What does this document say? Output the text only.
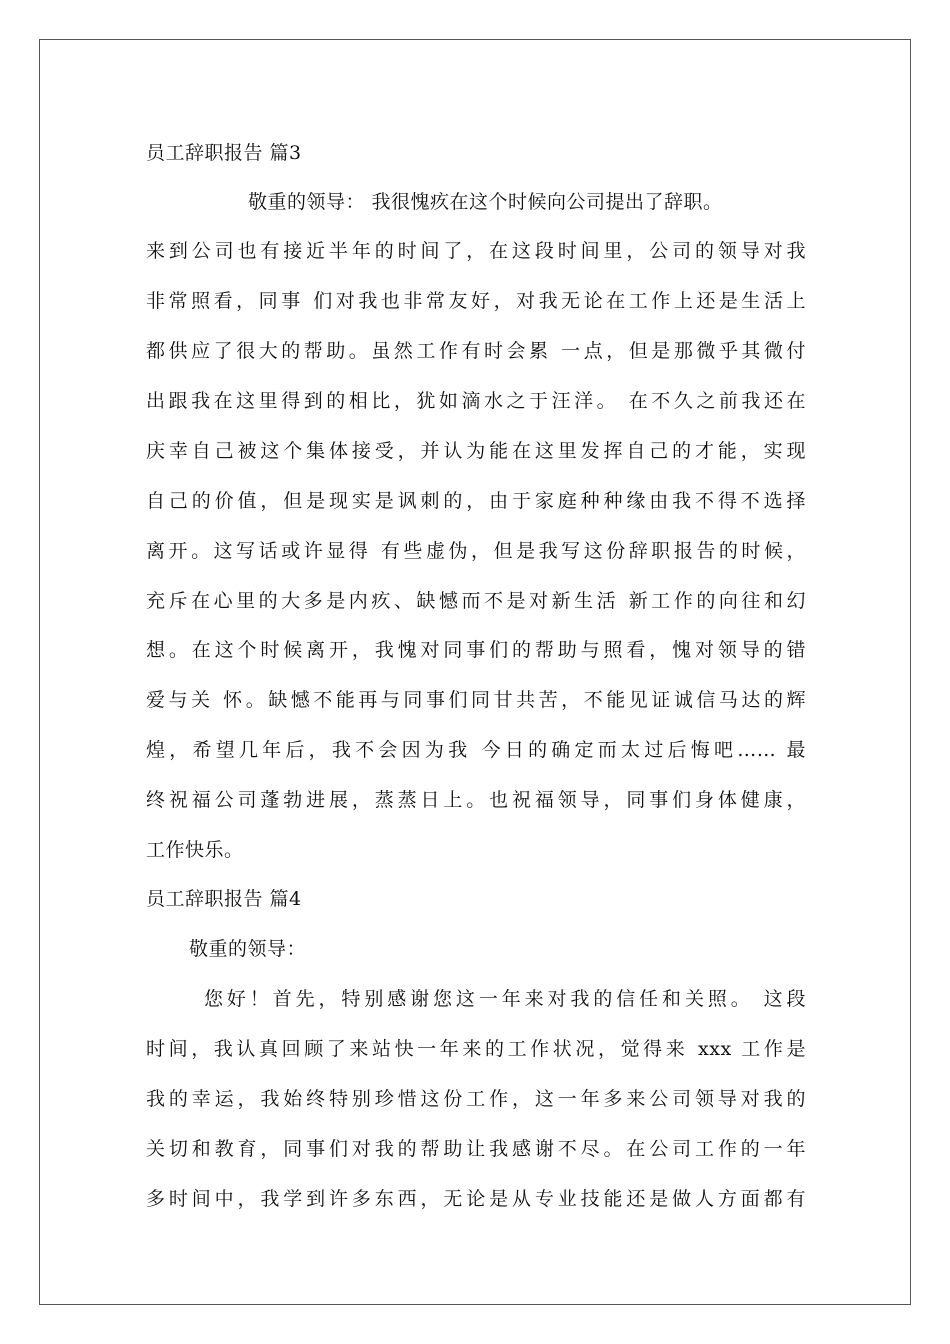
员工辞职报告 篇3
敬重的领导： 我很愧疚在这个时候向公司提出了辞职。
来到公司也有接近半年的时间了，在这段时间里，公司的领导对我
非常照看，同事 们对我也非常友好，对我无论在工作上还是生活上
都供应了很大的帮助。虽然工作有时会累 一点，但是那微乎其微付
出跟我在这里得到的相比，犹如滴水之于汪洋。 在不久之前我还在
庆幸自己被这个集体接受，并认为能在这里发挥自己的才能，实现
自己的价值，但是现实是讽刺的，由于家庭种种缘由我不得不选择
离开。这写话或许显得 有些虚伪，但是我写这份辞职报告的时候，
充斥在心里的大多是内疚、缺憾而不是对新生活 新工作的向往和幻
想。在这个时候离开，我愧对同事们的帮助与照看，愧对领导的错
爱与关 怀。缺憾不能再与同事们同甘共苦，不能见证诚信马达的辉
煌，希望几年后，我不会因为我 今日的确定而太过后悔吧…… 最
终祝福公司蓬勃进展，蒸蒸日上。也祝福领导，同事们身体健康，
工作快乐。
员工辞职报告 篇4
敬重的领导：
您好！首先，特别感谢您这一年来对我的信任和关照。 这段
时间，我认真回顾了来站快一年来的工作状况，觉得来 xxx 工作是
我的幸运，我始终特别珍惜这份工作，这一年多来公司领导对我的
关切和教育，同事们对我的帮助让我感谢不尽。在公司工作的一年
多时间中，我学到许多东西，无论是从专业技能还是做人方面都有
